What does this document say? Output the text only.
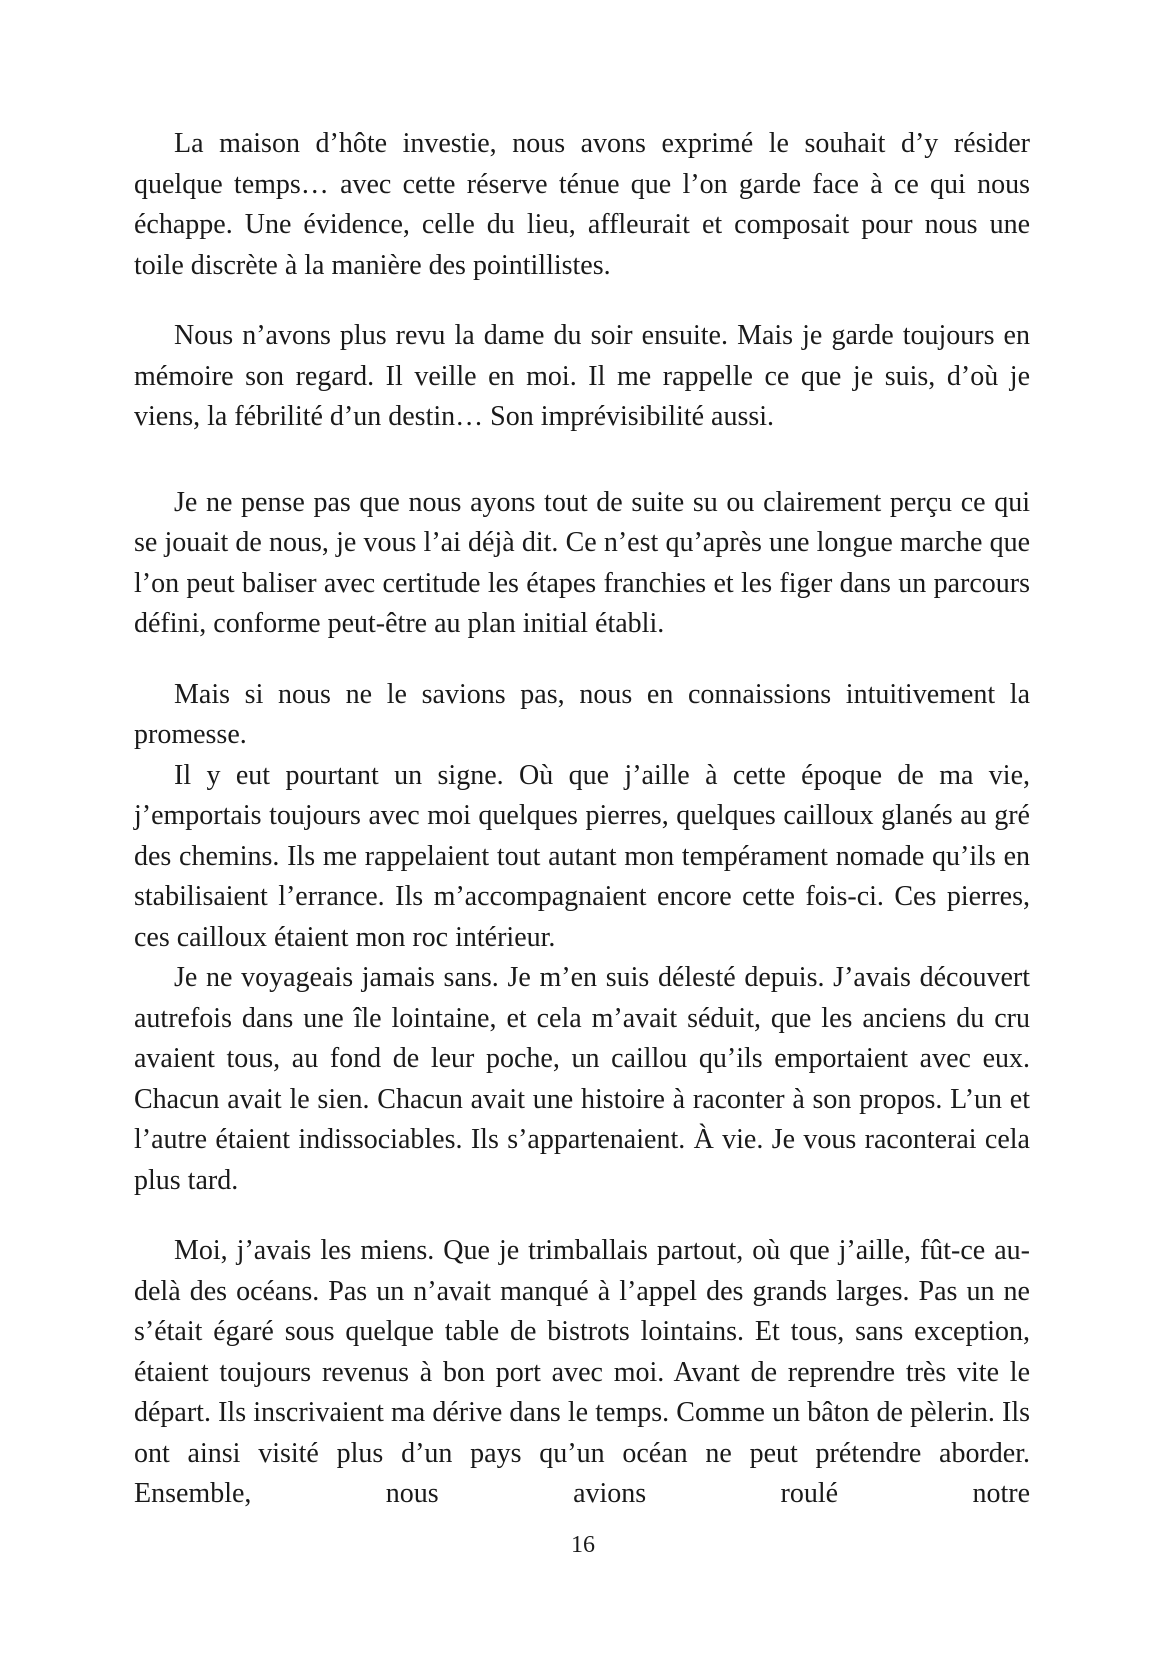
La maison d’hôte investie, nous avons exprimé le souhait d’y résider quelque temps… avec cette réserve ténue que l’on garde face à ce qui nous échappe. Une évidence, celle du lieu, affleurait et composait pour nous une toile discrète à la manière des pointillistes.

Nous n’avons plus revu la dame du soir ensuite. Mais je garde toujours en mémoire son regard. Il veille en moi. Il me rappelle ce que je suis, d’où je viens, la fébrilité d’un destin… Son imprévisibilité aussi.

Je ne pense pas que nous ayons tout de suite su ou clairement perçu ce qui se jouait de nous, je vous l’ai déjà dit. Ce n’est qu’après une longue marche que l’on peut baliser avec certitude les étapes franchies et les figer dans un parcours défini, conforme peut-être au plan initial établi.

Mais si nous ne le savions pas, nous en connaissions intuitivement la promesse.

Il y eut pourtant un signe. Où que j’aille à cette époque de ma vie, j’emportais toujours avec moi quelques pierres, quelques cailloux glanés au gré des chemins. Ils me rappelaient tout autant mon tempérament nomade qu’ils en stabilisaient l’errance. Ils m’accompagnaient encore cette fois-ci. Ces pierres, ces cailloux étaient mon roc intérieur.

Je ne voyageais jamais sans. Je m’en suis délesté depuis. J’avais découvert autrefois dans une île lointaine, et cela m’avait séduit, que les anciens du cru avaient tous, au fond de leur poche, un caillou qu’ils emportaient avec eux. Chacun avait le sien. Chacun avait une histoire à raconter à son propos. L’un et l’autre étaient indissociables. Ils s’appartenaient. À vie. Je vous raconterai cela plus tard.

Moi, j’avais les miens. Que je trimballais partout, où que j’aille, fût-ce au-delà des océans. Pas un n’avait manqué à l’appel des grands larges. Pas un ne s’était égaré sous quelque table de bistrots lointains. Et tous, sans exception, étaient toujours revenus à bon port avec moi. Avant de reprendre très vite le départ. Ils inscrivaient ma dérive dans le temps. Comme un bâton de pèlerin. Ils ont ainsi visité plus d’un pays qu’un océan ne peut prétendre aborder. Ensemble, nous avions roulé notre

16
